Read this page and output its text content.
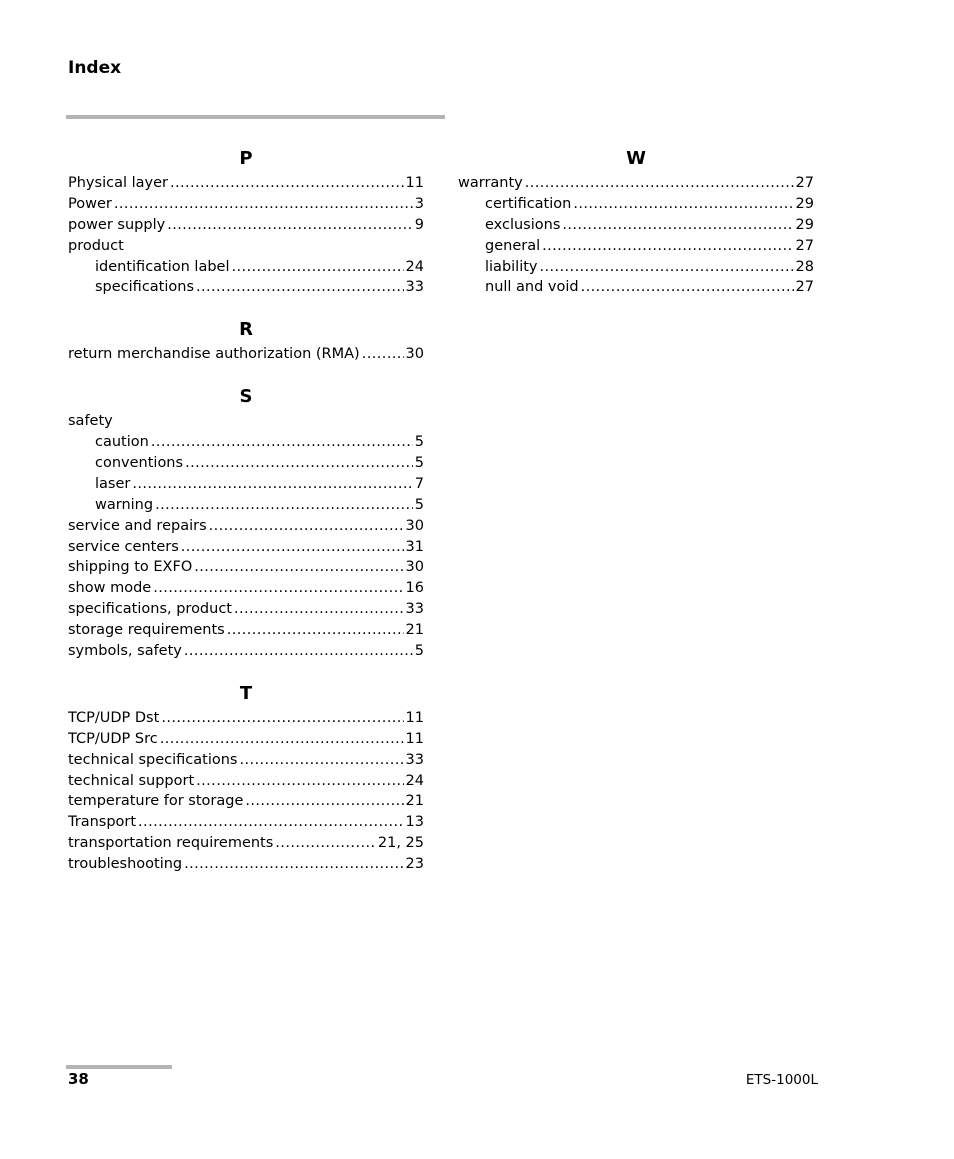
Index
P
Physical layer .....	11
Power .....	3
power supply .....	9
product
identification label .....	24
specifications .....	33
R
return merchandise authorization (RMA) .....	30
S
safety
caution .....	5
conventions .....	5
laser .....	7
warning .....	5
service and repairs .....	30
service centers .....	31
shipping to EXFO .....	30
show mode .....	16
specifications, product .....	33
storage requirements .....	21
symbols, safety .....	5
T
TCP/UDP Dst .....	11
TCP/UDP Src .....	11
technical specifications .....	33
technical support .....	24
temperature for storage .....	21
Transport .....	13
transportation requirements .....	21, 25
troubleshooting .....	23
W
warranty .....	27
certification .....	29
exclusions .....	29
general .....	27
liability .....	28
null and void .....	27
38	ETS-1000L
